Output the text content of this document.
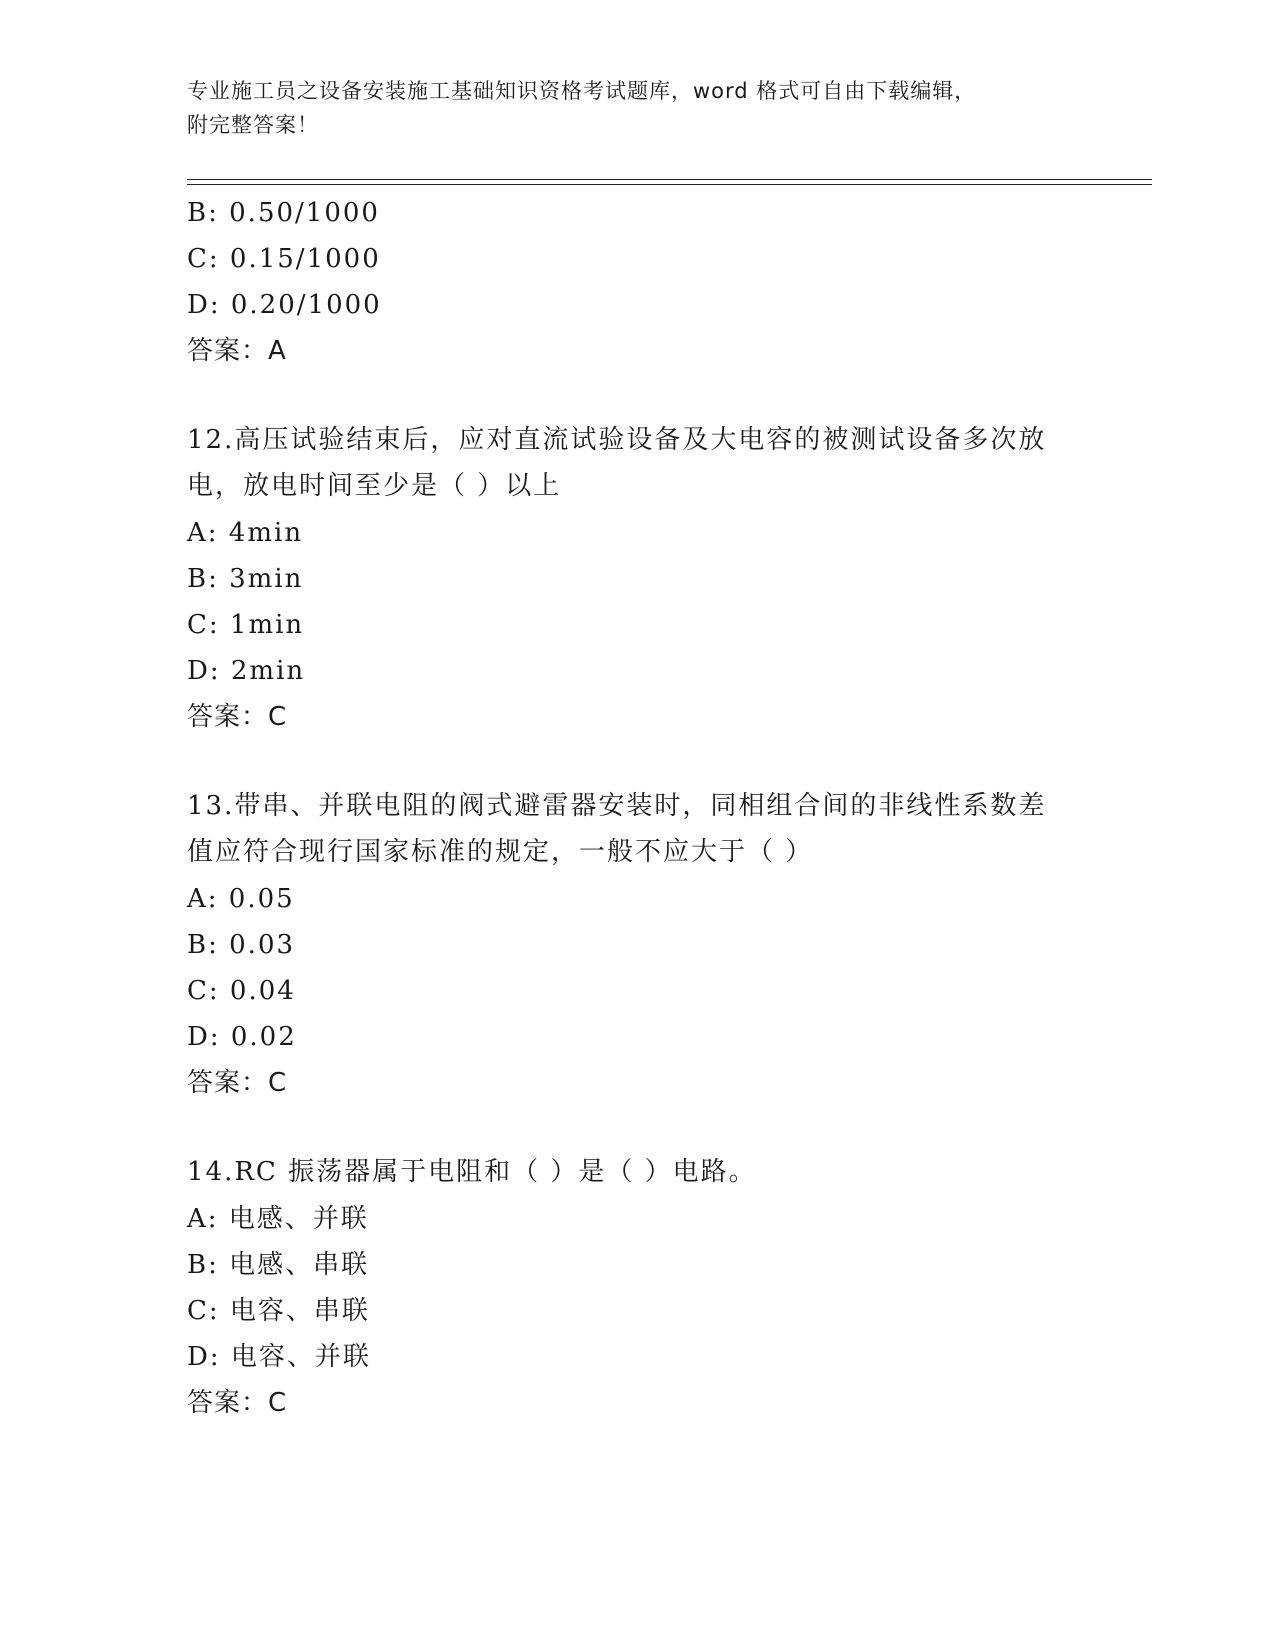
专业施工员之设备安装施工基础知识资格考试题库，word 格式可自由下载编辑，
附完整答案！
B: 0.50/1000
C: 0.15/1000
D: 0.20/1000
答案：A
12.高压试验结束后，应对直流试验设备及大电容的被测试设备多次放
电，放电时间至少是（ ）以上
A: 4min
B: 3min
C: 1min
D: 2min
答案：C
13.带串、并联电阻的阀式避雷器安装时，同相组合间的非线性系数差
值应符合现行国家标准的规定，一般不应大于（ ）
A: 0.05
B: 0.03
C: 0.04
D: 0.02
答案：C
14.RC 振荡器属于电阻和（ ）是（ ）电路。
A: 电感、并联
B: 电感、串联
C: 电容、串联
D: 电容、并联
答案：C
